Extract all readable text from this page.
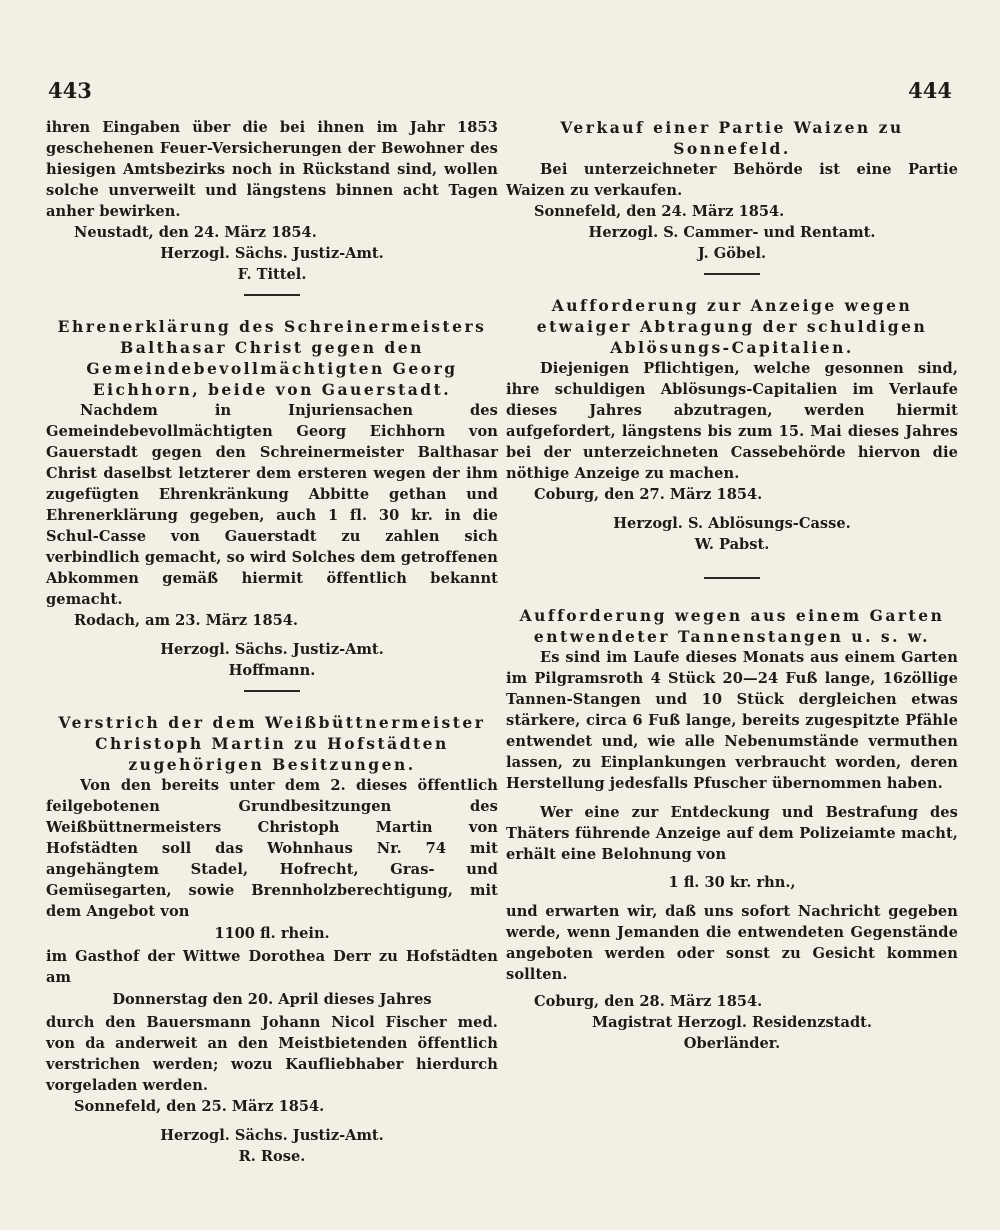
443	444

ihren Eingaben über die bei ihnen im Jahr 1853 geschehenen Feuer-Versicherungen der Bewohner des hiesigen Amtsbezirks noch in Rückstand sind, wollen solche unverweilt und längstens binnen acht Tagen anher bewirken.

Neustadt, den 24. März 1854.

Herzogl. Sächs. Justiz-Amt.

F. Tittel.

Ehrenerklärung des Schreinermeisters Balthasar Christ gegen den Gemeindebevollmächtigten Georg Eichhorn, beide von Gauerstadt.

Nachdem in Injuriensachen des Gemeindebevollmächtigten Georg Eichhorn von Gauerstadt gegen den Schreinermeister Balthasar Christ daselbst letzterer dem ersteren wegen der ihm zugefügten Ehrenkränkung Abbitte gethan und Ehrenerklärung gegeben, auch 1 fl. 30 kr. in die Schul-Casse von Gauerstadt zu zahlen sich verbindlich gemacht, so wird Solches dem getroffenen Abkommen gemäß hiermit öffentlich bekannt gemacht.

Rodach, am 23. März 1854.

Herzogl. Sächs. Justiz-Amt.

Hoffmann.

Verstrich der dem Weißbüttnermeister Christoph Martin zu Hofstädten zugehörigen Besitzungen.

Von den bereits unter dem 2. dieses öffentlich feilgebotenen Grundbesitzungen des Weißbüttnermeisters Christoph Martin von Hofstädten soll das Wohnhaus Nr. 74 mit angehängtem Stadel, Hofrecht, Gras- und Gemüsegarten, sowie Brennholzberechtigung, mit dem Angebot von

1100 fl. rhein.

im Gasthof der Wittwe Dorothea Derr zu Hofstädten am

Donnerstag den 20. April dieses Jahres

durch den Bauersmann Johann Nicol Fischer med. von da anderweit an den Meistbietenden öffentlich verstrichen werden; wozu Kaufliebhaber hierdurch vorgeladen werden.

Sonnefeld, den 25. März 1854.

Herzogl. Sächs. Justiz-Amt.

R. Rose.

Verkauf einer Partie Waizen zu Sonnefeld.

Bei unterzeichneter Behörde ist eine Partie Waizen zu verkaufen.

Sonnefeld, den 24. März 1854.

Herzogl. S. Cammer- und Rentamt.

J. Göbel.

Aufforderung zur Anzeige wegen etwaiger Abtragung der schuldigen Ablösungs-Capitalien.

Diejenigen Pflichtigen, welche gesonnen sind, ihre schuldigen Ablösungs-Capitalien im Verlaufe dieses Jahres abzutragen, werden hiermit aufgefordert, längstens bis zum 15. Mai dieses Jahres bei der unterzeichneten Cassebehörde hiervon die nöthige Anzeige zu machen.

Coburg, den 27. März 1854.

Herzogl. S. Ablösungs-Casse.

W. Pabst.

Aufforderung wegen aus einem Garten entwendeter Tannenstangen u. s. w.

Es sind im Laufe dieses Monats aus einem Garten im Pilgramsroth 4 Stück 20—24 Fuß lange, 16zöllige Tannen-Stangen und 10 Stück dergleichen etwas stärkere, circa 6 Fuß lange, bereits zugespitzte Pfähle entwendet und, wie alle Nebenumstände vermuthen lassen, zu Einplankungen verbraucht worden, deren Herstellung jedesfalls Pfuscher übernommen haben.

Wer eine zur Entdeckung und Bestrafung des Thäters führende Anzeige auf dem Polizeiamte macht, erhält eine Belohnung von

1 fl. 30 kr. rhn.,

und erwarten wir, daß uns sofort Nachricht gegeben werde, wenn Jemanden die entwendeten Gegenstände angeboten werden oder sonst zu Gesicht kommen sollten.

Coburg, den 28. März 1854.

Magistrat Herzogl. Residenzstadt.

Oberländer.
